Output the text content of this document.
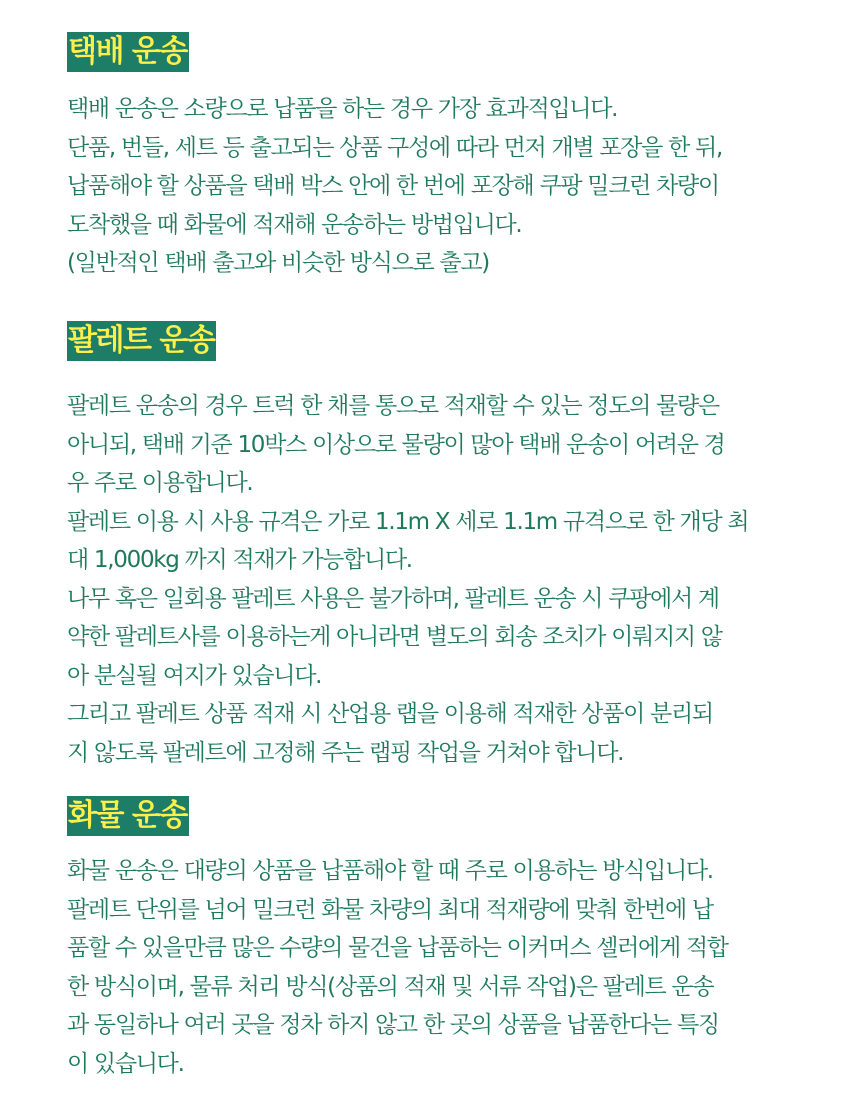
택배 운송
택배 운송은 소량으로 납품을 하는 경우 가장 효과적입니다.
단품, 번들, 세트 등 출고되는 상품 구성에 따라 먼저 개별 포장을 한 뒤,
납품해야 할 상품을 택배 박스 안에 한 번에 포장해 쿠팡 밀크런 차량이
도착했을 때 화물에 적재해 운송하는 방법입니다.
(일반적인 택배 출고와 비슷한 방식으로 출고)
팔레트 운송
팔레트 운송의 경우 트럭 한 채를 통으로 적재할 수 있는 정도의 물량은
아니되, 택배 기준 10박스 이상으로 물량이 많아 택배 운송이 어려운 경
우 주로 이용합니다.
팔레트 이용 시 사용 규격은 가로 1.1m X 세로 1.1m 규격으로 한 개당 최
대 1,000kg 까지 적재가 가능합니다.
나무 혹은 일회용 팔레트 사용은 불가하며, 팔레트 운송 시 쿠팡에서 계
약한 팔레트사를 이용하는게 아니라면 별도의 회송 조치가 이뤄지지 않
아 분실될 여지가 있습니다.
그리고 팔레트 상품 적재 시 산업용 랩을 이용해 적재한 상품이 분리되
지 않도록 팔레트에 고정해 주는 랩핑 작업을 거쳐야 합니다.
화물 운송
화물 운송은 대량의 상품을 납품해야 할 때 주로 이용하는 방식입니다.
팔레트 단위를 넘어 밀크런 화물 차량의 최대 적재량에 맞춰 한번에 납
품할 수 있을만큼 많은 수량의 물건을 납품하는 이커머스 셀러에게 적합
한 방식이며, 물류 처리 방식(상품의 적재 및 서류 작업)은 팔레트 운송
과 동일하나 여러 곳을 정차 하지 않고 한 곳의 상품을 납품한다는 특징
이 있습니다.
